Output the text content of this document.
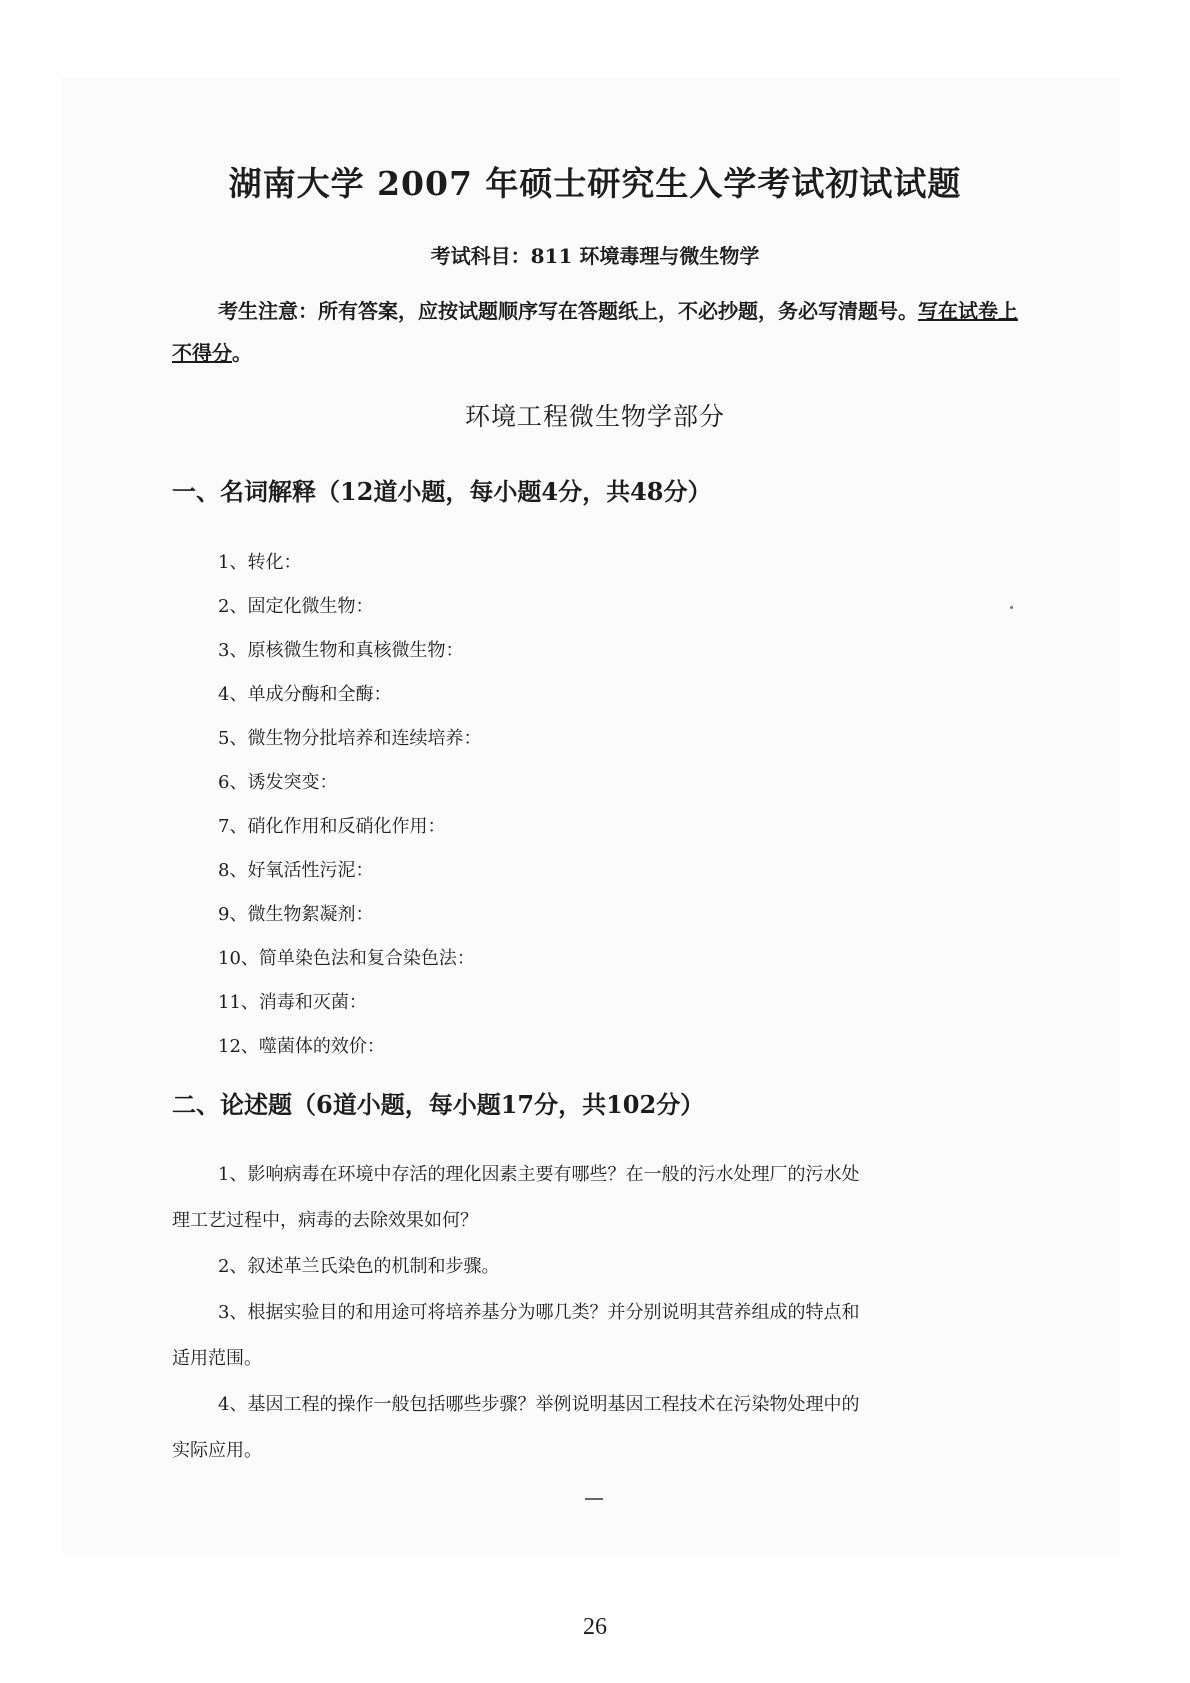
湖南大学 2007 年硕士研究生入学考试初试试题
考试科目：811 环境毒理与微生物学
考生注意：所有答案，应按试题顺序写在答题纸上，不必抄题，务必写清题号。写在试卷上不得分。
环境工程微生物学部分
一、名词解释（12道小题，每小题4分，共48分）
1、转化：
2、固定化微生物：
3、原核微生物和真核微生物：
4、单成分酶和全酶：
5、微生物分批培养和连续培养：
6、诱发突变：
7、硝化作用和反硝化作用：
8、好氧活性污泥：
9、微生物絮凝剂：
10、简单染色法和复合染色法：
11、消毒和灭菌：
12、噬菌体的效价：
二、论述题（6道小题，每小题17分，共102分）
1、影响病毒在环境中存活的理化因素主要有哪些？在一般的污水处理厂的污水处
理工艺过程中，病毒的去除效果如何？
2、叙述革兰氏染色的机制和步骤。
3、根据实验目的和用途可将培养基分为哪几类？并分别说明其营养组成的特点和
适用范围。
4、基因工程的操作一般包括哪些步骤？举例说明基因工程技术在污染物处理中的
实际应用。
26
